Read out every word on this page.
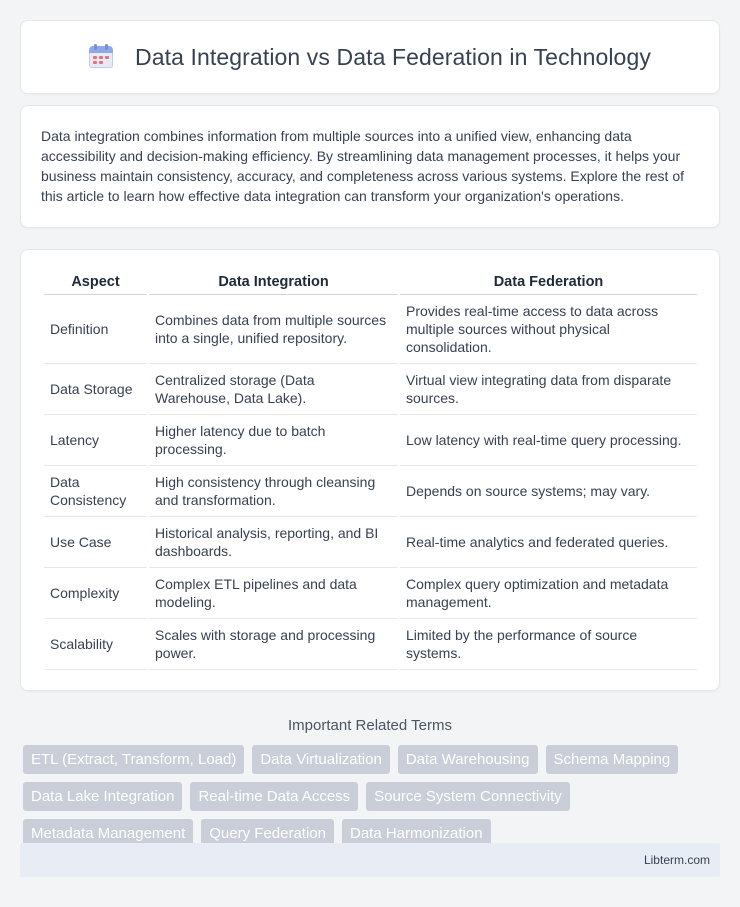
Data Integration vs Data Federation in Technology

Data integration combines information from multiple sources into a unified view, enhancing data accessibility and decision-making efficiency. By streamlining data management processes, it helps your business maintain consistency, accuracy, and completeness across various systems. Explore the rest of this article to learn how effective data integration can transform your organization's operations.

Aspect	Data Integration	Data Federation
Definition	Combines data from multiple sources into a single, unified repository.	Provides real-time access to data across multiple sources without physical consolidation.
Data Storage	Centralized storage (Data Warehouse, Data Lake).	Virtual view integrating data from disparate sources.
Latency	Higher latency due to batch processing.	Low latency with real-time query processing.
Data Consistency	High consistency through cleansing and transformation.	Depends on source systems; may vary.
Use Case	Historical analysis, reporting, and BI dashboards.	Real-time analytics and federated queries.
Complexity	Complex ETL pipelines and data modeling.	Complex query optimization and metadata management.
Scalability	Scales with storage and processing power.	Limited by the performance of source systems.
Important Related Terms
ETL (Extract, Transform, Load)	Data Virtualization	Data Warehousing	Schema Mapping
Data Lake Integration	Real-time Data Access	Source System Connectivity
Metadata Management	Query Federation	Data Harmonization
Libterm.com
